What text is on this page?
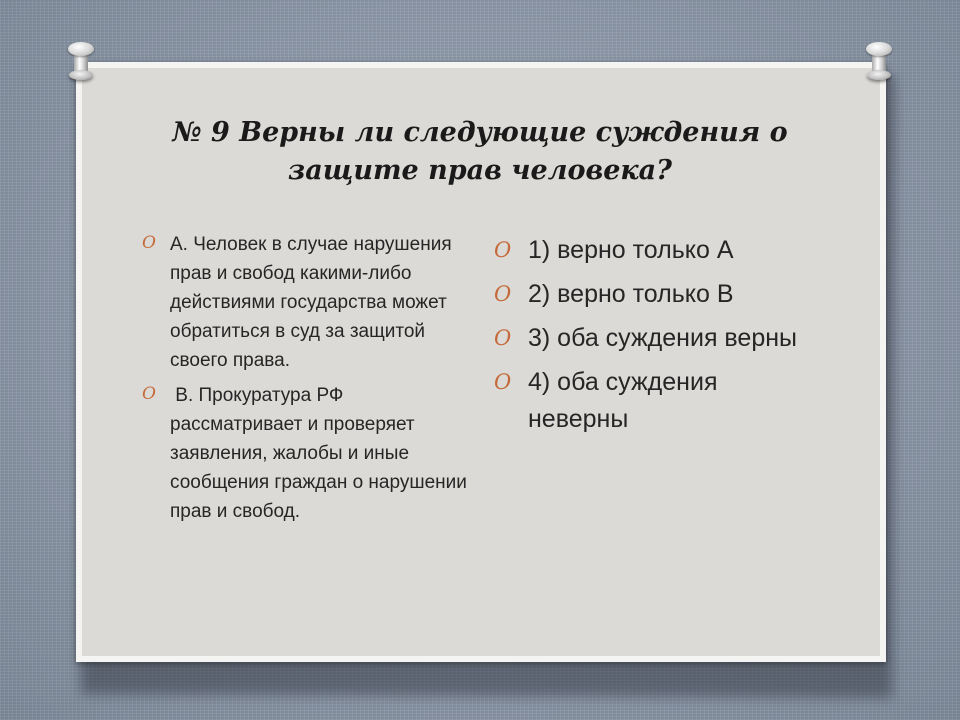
№ 9 Верны ли следующие суждения о
защите прав человека?
O А. Человек в случае нарушения прав и свобод какими-либо действиями государства может обратиться в суд за защитой своего права.
O В. Прокуратура РФ рассматривает и проверяет заявления, жалобы и иные сообщения граждан о нарушении прав и свобод.
O 1) верно только А
O 2) верно только В
O 3) оба суждения верны
O 4) оба суждения неверны
